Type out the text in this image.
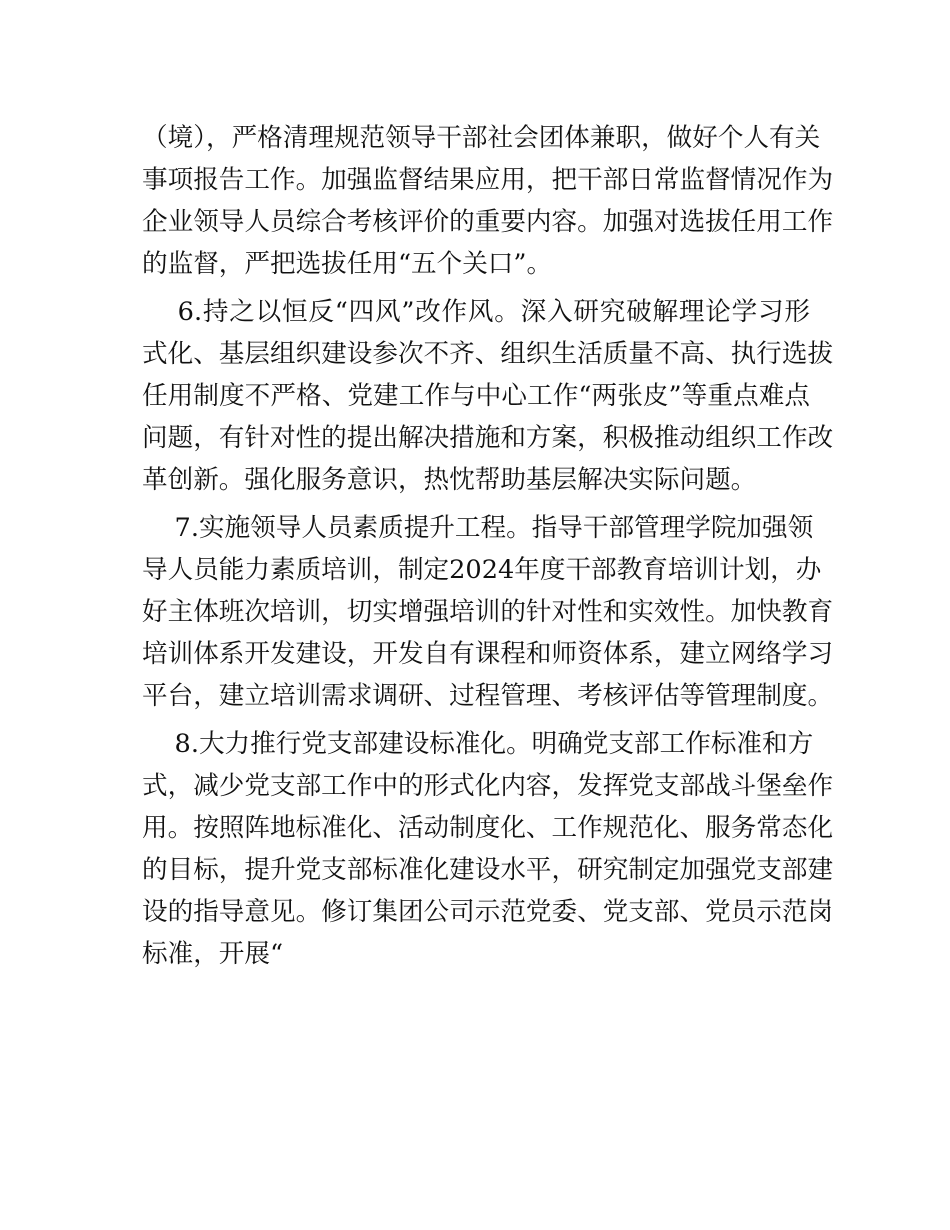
（境），严格清理规范领导干部社会团体兼职，做好个人有关
事项报告工作。加强监督结果应用，把干部日常监督情况作为
企业领导人员综合考核评价的重要内容。加强对选拔任用工作
的监督，严把选拔任用“五个关口”。
6.持之以恒反“四风”改作风。深入研究破解理论学习形
式化、基层组织建设参次不齐、组织生活质量不高、执行选拔
任用制度不严格、党建工作与中心工作“两张皮”等重点难点
问题，有针对性的提出解决措施和方案，积极推动组织工作改
革创新。强化服务意识，热忱帮助基层解决实际问题。
7.实施领导人员素质提升工程。指导干部管理学院加强领
导人员能力素质培训，制定2024年度干部教育培训计划，办
好主体班次培训，切实增强培训的针对性和实效性。加快教育
培训体系开发建设，开发自有课程和师资体系，建立网络学习
平台，建立培训需求调研、过程管理、考核评估等管理制度。
8.大力推行党支部建设标准化。明确党支部工作标准和方
式，减少党支部工作中的形式化内容，发挥党支部战斗堡垒作
用。按照阵地标准化、活动制度化、工作规范化、服务常态化
的目标，提升党支部标准化建设水平，研究制定加强党支部建
设的指导意见。修订集团公司示范党委、党支部、党员示范岗
标准，开展“
